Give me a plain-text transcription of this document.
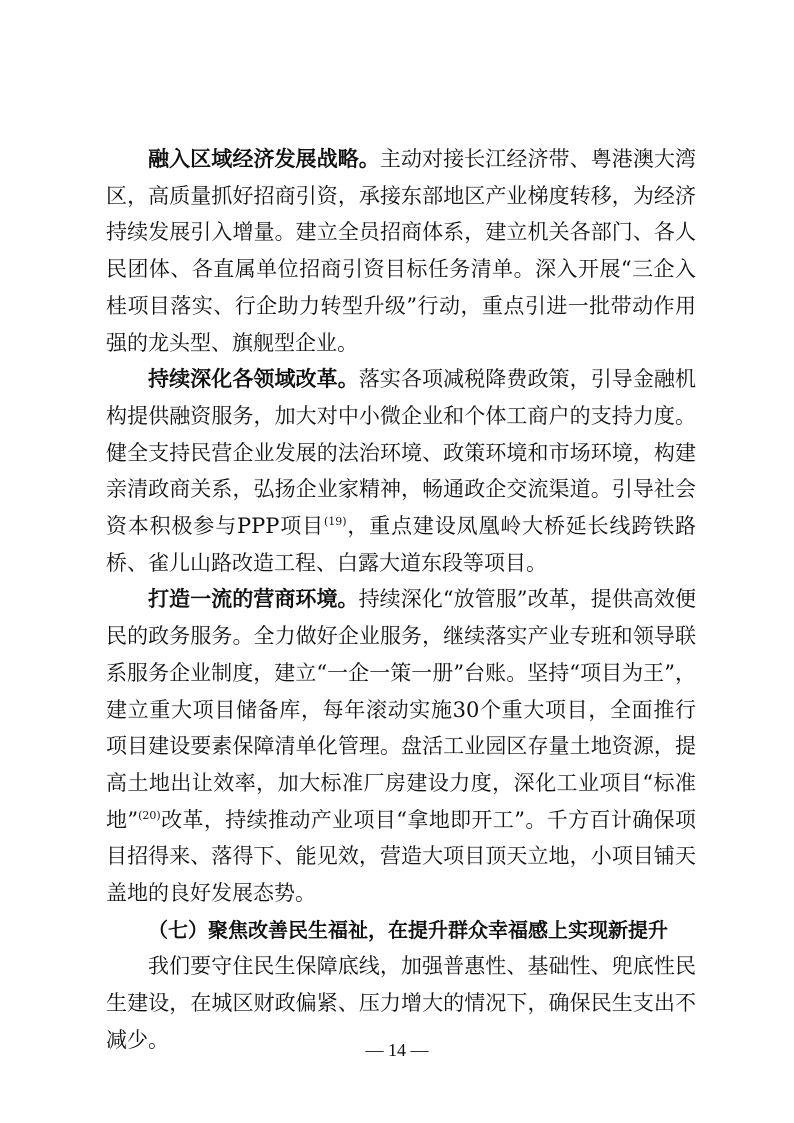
融入区域经济发展战略。主动对接长江经济带、粤港澳大湾区，高质量抓好招商引资，承接东部地区产业梯度转移，为经济持续发展引入增量。建立全员招商体系，建立机关各部门、各人民团体、各直属单位招商引资目标任务清单。深入开展“三企入桂项目落实、行企助力转型升级”行动，重点引进一批带动作用强的龙头型、旗舰型企业。

持续深化各领域改革。落实各项减税降费政策，引导金融机构提供融资服务，加大对中小微企业和个体工商户的支持力度。健全支持民营企业发展的法治环境、政策环境和市场环境，构建亲清政商关系，弘扬企业家精神，畅通政企交流渠道。引导社会资本积极参与PPP项目$^{(19)}$，重点建设凤凰岭大桥延长线跨铁路桥、雀儿山路改造工程、白露大道东段等项目。

打造一流的营商环境。持续深化“放管服”改革，提供高效便民的政务服务。全力做好企业服务，继续落实产业专班和领导联系服务企业制度，建立“一企一策一册”台账。坚持“项目为王”，建立重大项目储备库，每年滚动实施30个重大项目，全面推行项目建设要素保障清单化管理。盘活工业园区存量土地资源，提高土地出让效率，加大标准厂房建设力度，深化工业项目“标准地”$^{(20)}$改革，持续推动产业项目“拿地即开工”。千方百计确保项目招得来、落得下、能见效，营造大项目顶天立地，小项目铺天盖地的良好发展态势。

（七）聚焦改善民生福祉，在提升群众幸福感上实现新提升

我们要守住民生保障底线，加强普惠性、基础性、兜底性民生建设，在城区财政偏紧、压力增大的情况下，确保民生支出不减少。	— 14 —
